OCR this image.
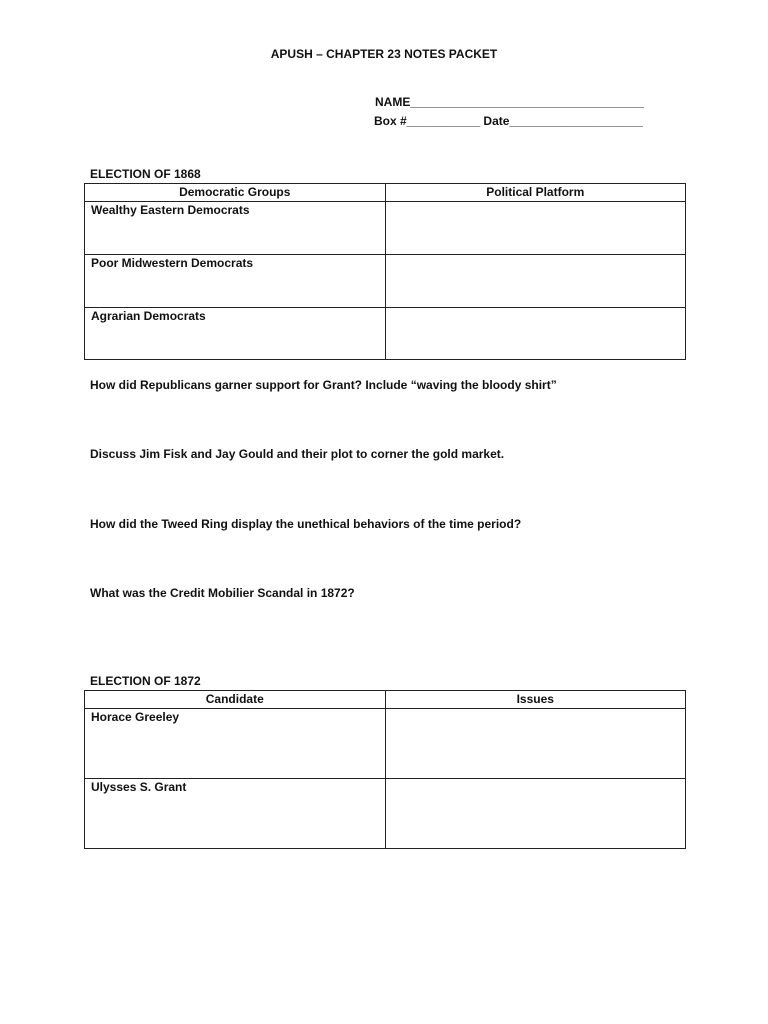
APUSH – CHAPTER 23 NOTES PACKET
NAME___________________________________
Box #___________ Date____________________
ELECTION OF 1868
Democratic Groups	Political Platform
Wealthy Eastern Democrats	
Poor Midwestern Democrats	
Agrarian Democrats	
How did Republicans garner support for Grant? Include “waving the bloody shirt”
Discuss Jim Fisk and Jay Gould and their plot to corner the gold market.
How did the Tweed Ring display the unethical behaviors of the time period?
What was the Credit Mobilier Scandal in 1872?
ELECTION OF 1872
Candidate	Issues
Horace Greeley	
Ulysses S. Grant	
